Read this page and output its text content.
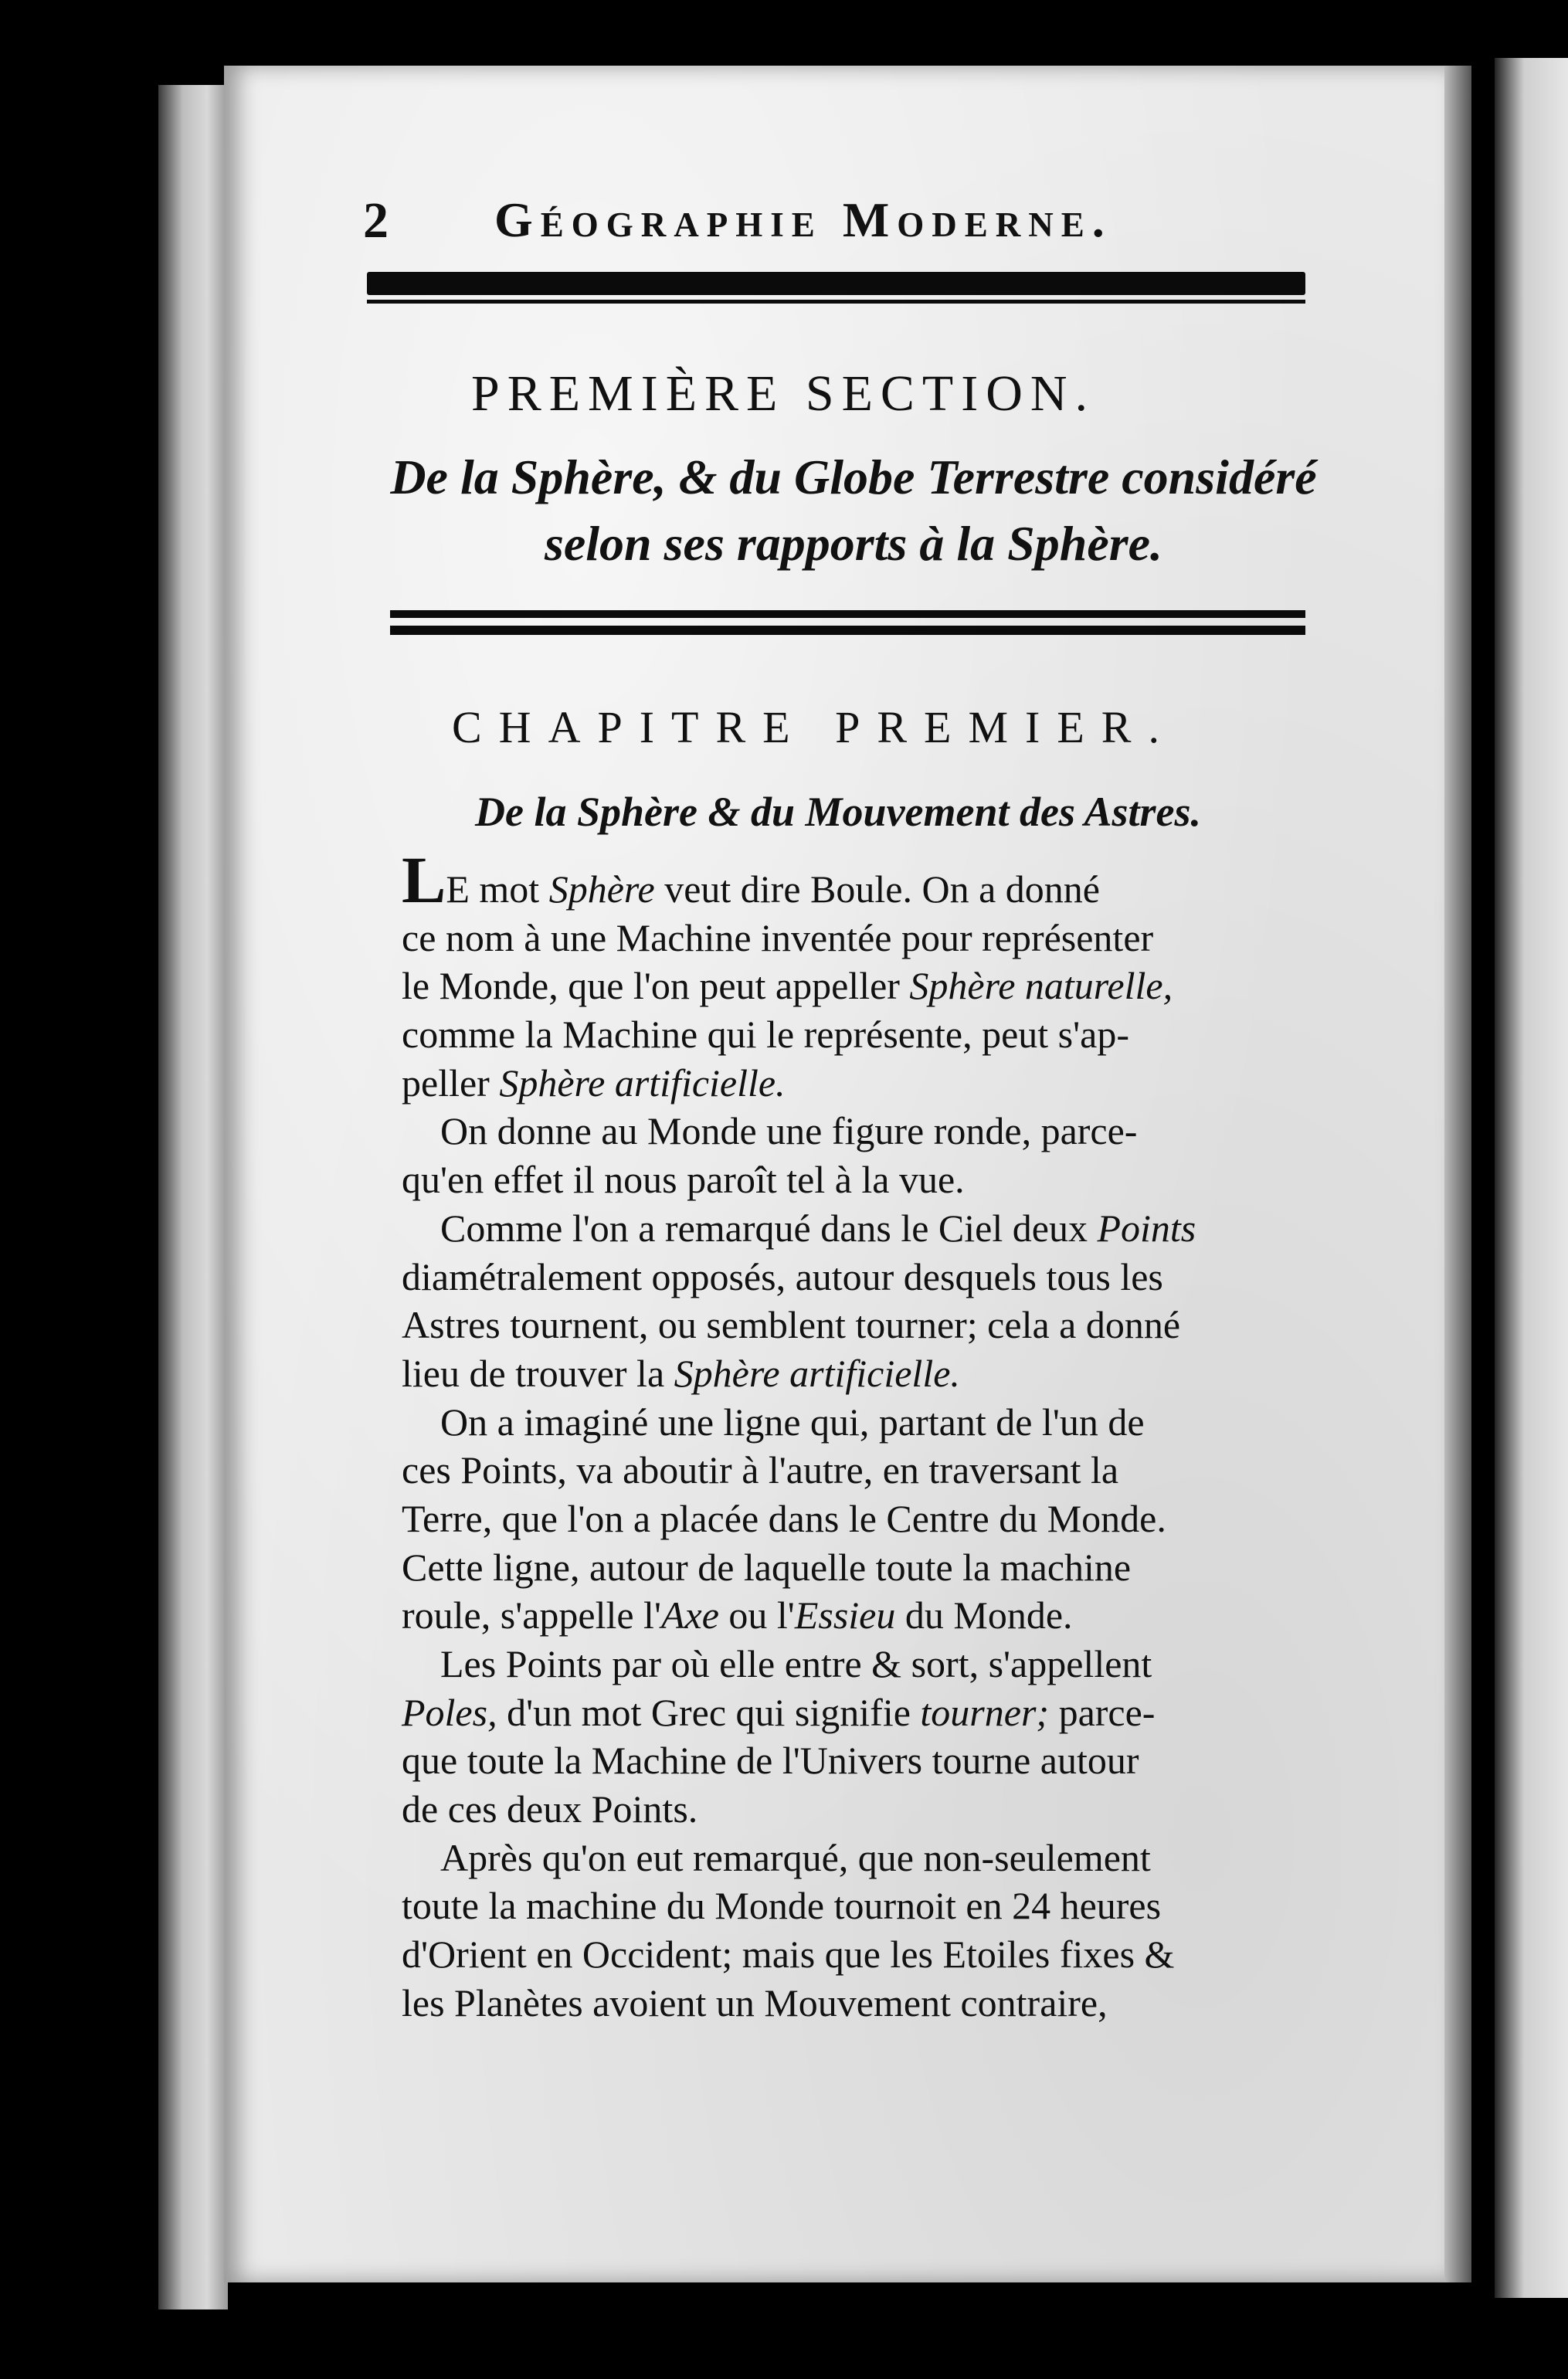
2 Géographie Moderne.
PREMIÈRE SECTION.
De la Sphère, & du Globe Terrestre considéré
selon ses rapports à la Sphère.
CHAPITRE PREMIER.
De la Sphère & du Mouvement des Astres.
LE mot Sphère veut dire Boule. On a donné
ce nom à une Machine inventée pour représenter
le Monde, que l'on peut appeller Sphère naturelle,
comme la Machine qui le représente, peut s'ap-
peller Sphère artificielle.
On donne au Monde une figure ronde, parce-
qu'en effet il nous paroît tel à la vue.
Comme l'on a remarqué dans le Ciel deux Points
diamétralement opposés, autour desquels tous les
Astres tournent, ou semblent tourner; cela a donné
lieu de trouver la Sphère artificielle.
On a imaginé une ligne qui, partant de l'un de
ces Points, va aboutir à l'autre, en traversant la
Terre, que l'on a placée dans le Centre du Monde.
Cette ligne, autour de laquelle toute la machine
roule, s'appelle l'Axe ou l'Essieu du Monde.
Les Points par où elle entre & sort, s'appellent
Poles, d'un mot Grec qui signifie tourner; parce-
que toute la Machine de l'Univers tourne autour
de ces deux Points.
Après qu'on eut remarqué, que non-seulement
toute la machine du Monde tournoit en 24 heures
d'Orient en Occident; mais que les Etoiles fixes &
les Planètes avoient un Mouvement contraire,
